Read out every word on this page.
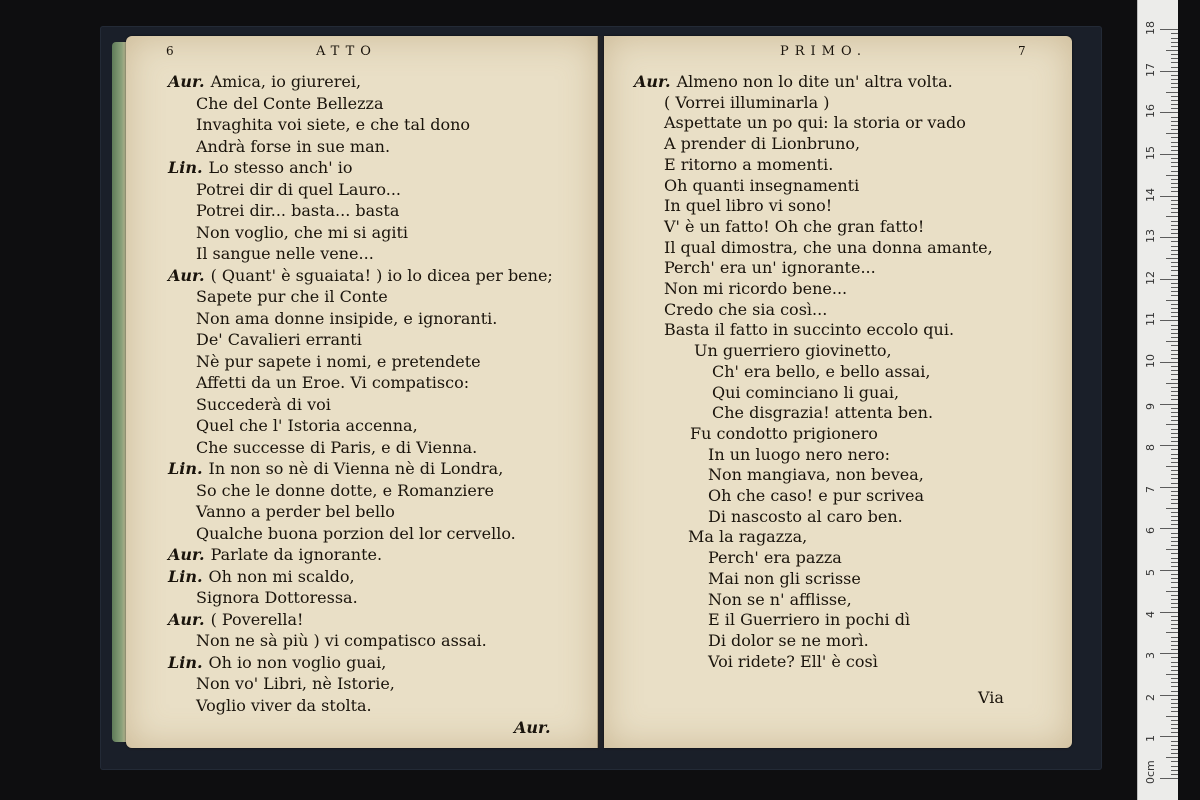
6	ATTO
Aur. Amica, io giurerei,
Che del Conte Bellezza
Invaghita voi siete, e che tal dono
Andrà forse in sue man.
Lin. Lo stesso anch' io
Potrei dir di quel Lauro...
Potrei dir... basta... basta
Non voglio, che mi si agiti
Il sangue nelle vene...
Aur. ( Quant' è sguaiata! ) io lo dicea per bene;
Sapete pur che il Conte
Non ama donne insipide, e ignoranti.
De' Cavalieri erranti
Nè pur sapete i nomi, e pretendete
Affetti da un Eroe. Vi compatisco:
Succederà di voi
Quel che l' Istoria accenna,
Che successe di Paris, e di Vienna.
Lin. In non so nè di Vienna nè di Londra,
So che le donne dotte, e Romanziere
Vanno a perder bel bello
Qualche buona porzion del lor cervello.
Aur. Parlate da ignorante.
Lin. Oh non mi scaldo,
Signora Dottoressa.
Aur. ( Poverella!
Non ne sà più ) vi compatisco assai.
Lin. Oh io non voglio guai,
Non vo' Libri, nè Istorie,
Voglio viver da stolta.
Aur.
PRIMO.	7
Aur. Almeno non lo dite un' altra volta.
( Vorrei illuminarla )
Aspettate un po qui: la storia or vado
A prender di Lionbruno,
E ritorno a momenti.
Oh quanti insegnamenti
In quel libro vi sono!
V' è un fatto! Oh che gran fatto!
Il qual dimostra, che una donna amante,
Perch' era un' ignorante...
Non mi ricordo bene...
Credo che sia così...
Basta il fatto in succinto eccolo qui.
Un guerriero giovinetto,
Ch' era bello, e bello assai,
Qui cominciano li guai,
Che disgrazia! attenta ben.
Fu condotto prigionero
In un luogo nero nero:
Non mangiava, non bevea,
Oh che caso! e pur scrivea
Di nascosto al caro ben.
Ma la ragazza,
Perch' era pazza
Mai non gli scrisse
Non se n' afflisse,
E il Guerriero in pochi dì
Di dolor se ne morì.
Voi ridete? Ell' è così
Via
0cm
1
2
3
4
5
6
7
8
9
10
11
12
13
14
15
16
17
18
